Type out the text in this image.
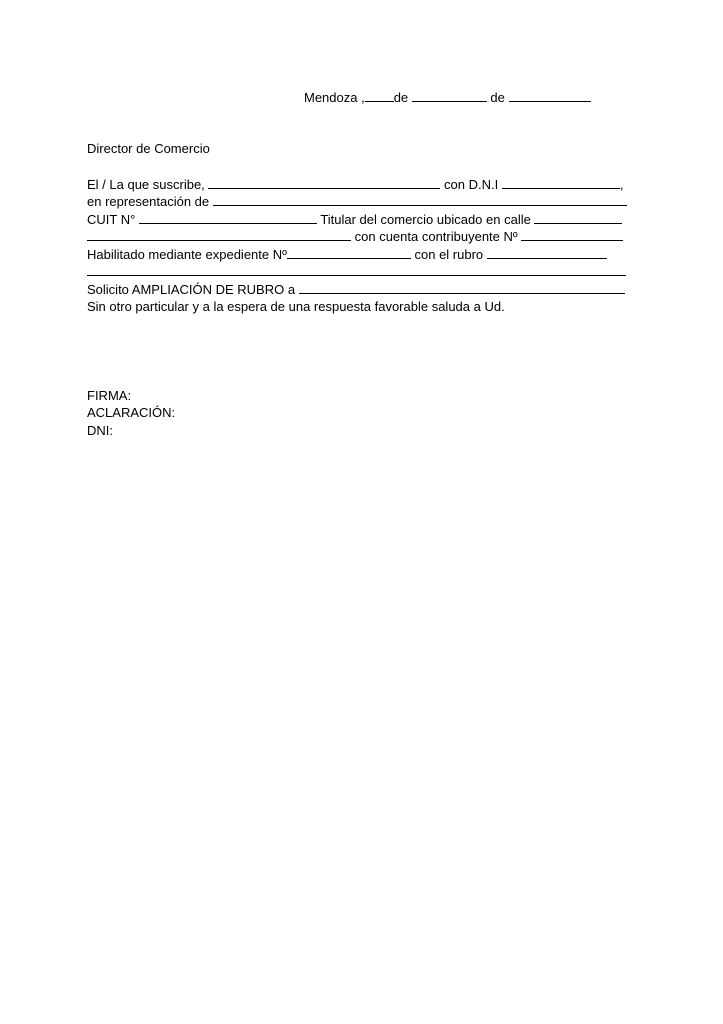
Mendoza , de	de
Director de Comercio
El / La que suscribe,	con D.N.I	,
en representación de
CUIT N°	Titular del comercio ubicado en calle
con cuenta contribuyente Nº
Habilitado mediante expediente Nº	con el rubro
Solicito AMPLIACIÓN DE RUBRO a
Sin otro particular y a la espera de una respuesta favorable saluda a Ud.
FIRMA:
ACLARACIÓN:
DNI:
